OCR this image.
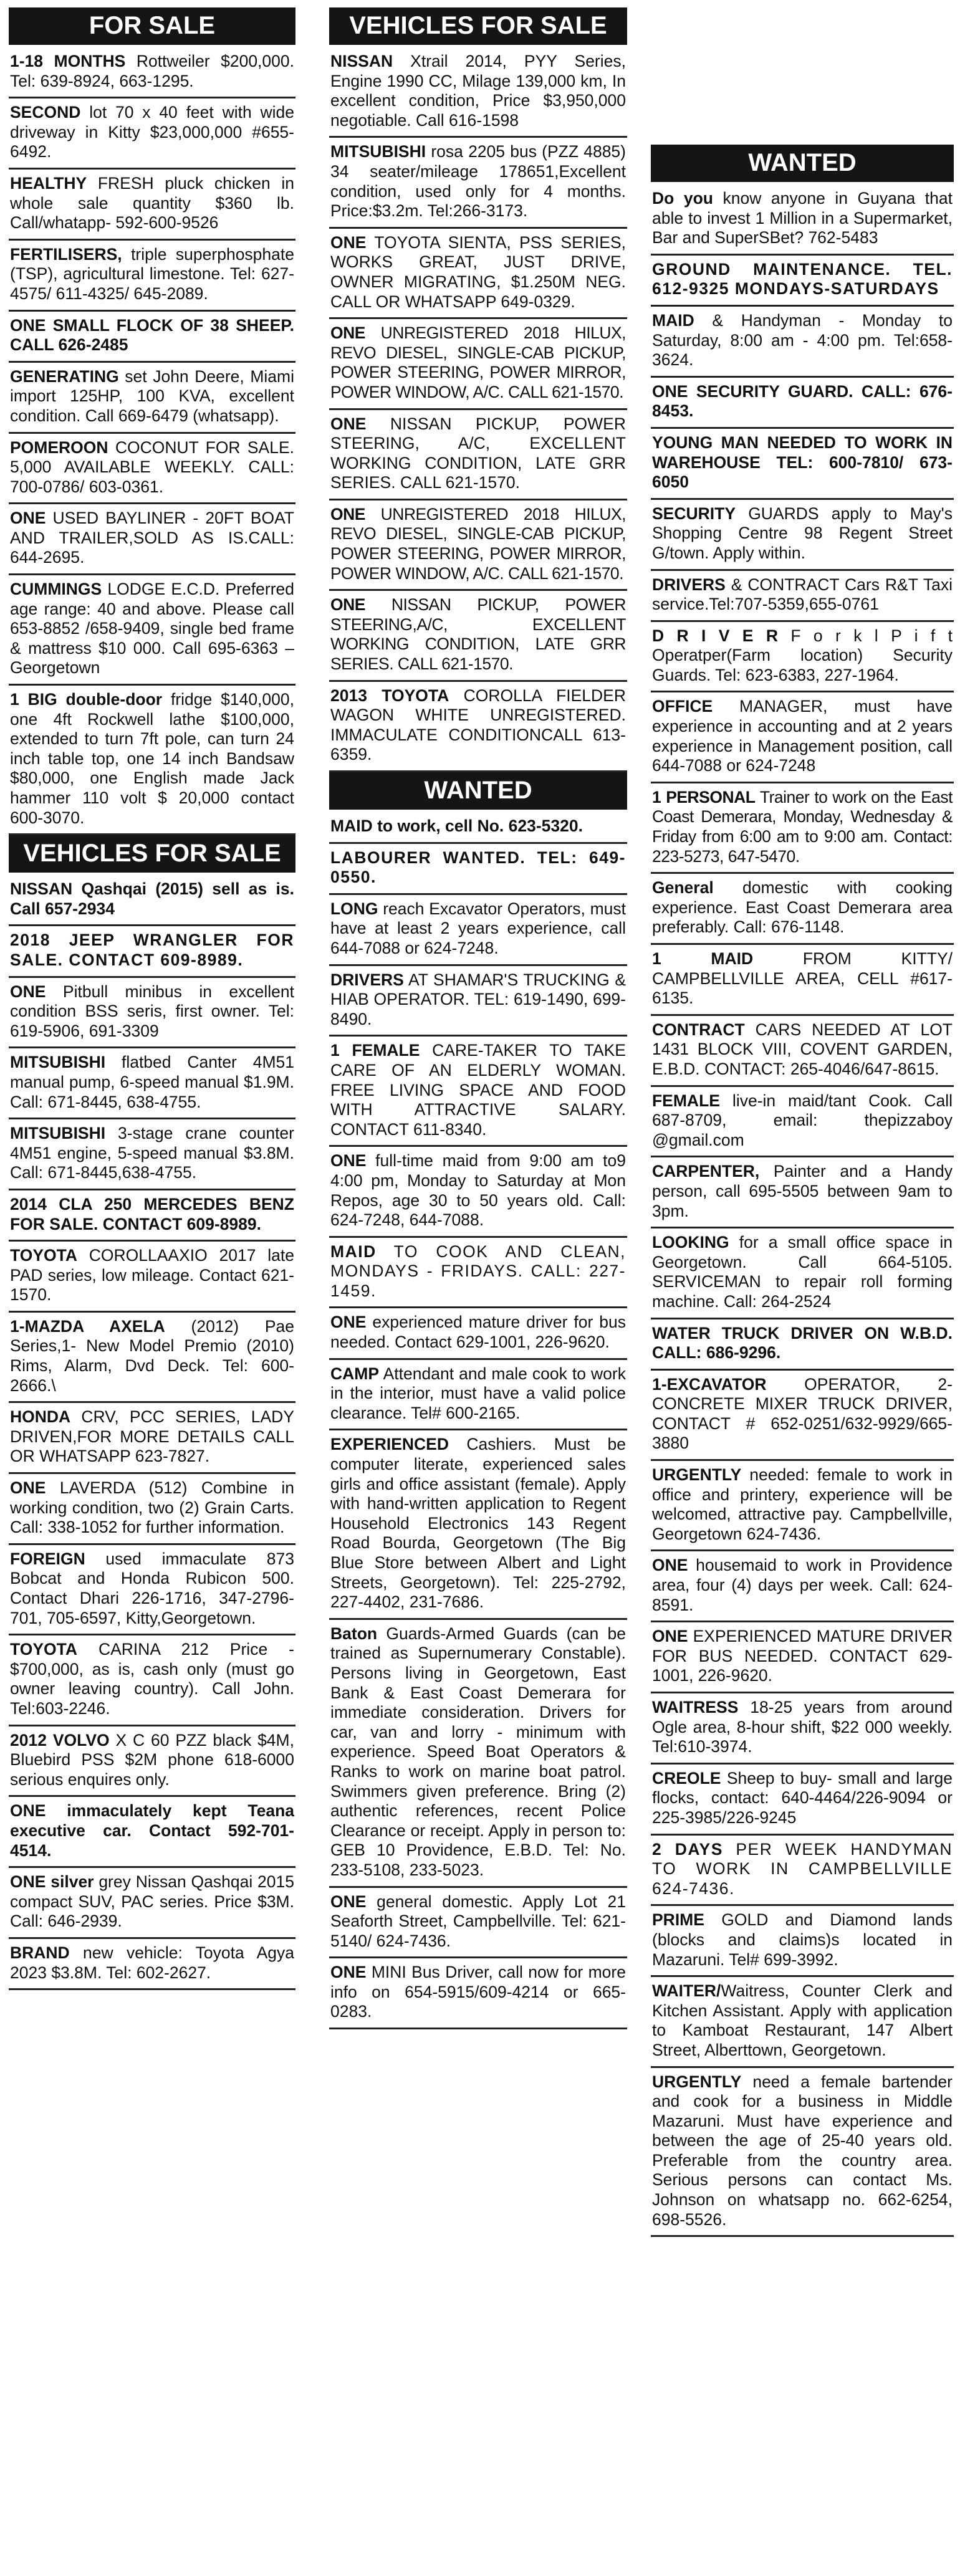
FOR SALE
1-18 MONTHS Rottweiler $200,000. Tel: 639-8924, 663-1295.
SECOND lot 70 x 40 feet with wide driveway in Kitty $23,000,000 #655-6492.
HEALTHY FRESH pluck chicken in whole sale quantity $360 lb. Call/whatapp- 592-600-9526
FERTILISERS, triple superphosphate (TSP), agricultural limestone. Tel: 627-4575/ 611-4325/ 645-2089.
ONE SMALL FLOCK OF 38 SHEEP. CALL 626-2485
GENERATING set John Deere, Miami import 125HP, 100 KVA, excellent condition. Call 669-6479 (whatsapp).
POMEROON COCONUT FOR SALE. 5,000 AVAILABLE WEEKLY. CALL: 700-0786/ 603-0361.
ONE USED BAYLINER - 20FT BOAT AND TRAILER,SOLD AS IS.CALL: 644-2695.
CUMMINGS LODGE E.C.D. Preferred age range: 40 and above. Please call 653-8852 /658-9409, single bed frame & mattress $10 000. Call 695-6363 – Georgetown
1 BIG double-door fridge $140,000, one 4ft Rockwell lathe $100,000, extended to turn 7ft pole, can turn 24 inch table top, one 14 inch Bandsaw $80,000, one English made Jack hammer 110 volt $ 20,000 contact 600-3070.
VEHICLES FOR SALE
NISSAN Qashqai (2015) sell as is. Call 657-2934
2018 JEEP WRANGLER FOR SALE. CONTACT 609-8989.
ONE Pitbull minibus in excellent condition BSS seris, first owner. Tel: 619-5906, 691-3309
MITSUBISHI flatbed Canter 4M51 manual pump, 6-speed manual $1.9M. Call: 671-8445, 638-4755.
MITSUBISHI 3-stage crane counter 4M51 engine, 5-speed manual $3.8M. Call: 671-8445,638-4755.
2014 CLA 250 MERCEDES BENZ FOR SALE. CONTACT 609-8989.
TOYOTA COROLLAAXIO 2017 late PAD series, low mileage. Contact 621-1570.
1-MAZDA AXELA (2012) Pae Series,1- New Model Premio (2010) Rims, Alarm, Dvd Deck. Tel: 600-2666.\
HONDA CRV, PCC SERIES, LADY DRIVEN,FOR MORE DETAILS CALL OR WHATSAPP 623-7827.
ONE LAVERDA (512) Combine in working condition, two (2) Grain Carts. Call: 338-1052 for further information.
FOREIGN used immaculate 873 Bobcat and Honda Rubicon 500. Contact Dhari 226-1716, 347-2796-701, 705-6597, Kitty,Georgetown.
TOYOTA CARINA 212 Price - $700,000, as is, cash only (must go owner leaving country). Call John. Tel:603-2246.
2012 VOLVO X C 60 PZZ black $4M, Bluebird PSS $2M phone 618-6000 serious enquires only.
ONE immaculately kept Teana executive car. Contact 592-701-4514.
ONE silver grey Nissan Qashqai 2015 compact SUV, PAC series. Price $3M. Call: 646-2939.
BRAND new vehicle: Toyota Agya 2023 $3.8M. Tel: 602-2627.
VEHICLES FOR SALE
NISSAN Xtrail 2014, PYY Series, Engine 1990 CC, Milage 139,000 km, In excellent condition, Price $3,950,000 negotiable. Call 616-1598
MITSUBISHI rosa 2205 bus (PZZ 4885) 34 seater/mileage 178651,Excellent condition, used only for 4 months. Price:$3.2m. Tel:266-3173.
ONE TOYOTA SIENTA, PSS SERIES, WORKS GREAT, JUST DRIVE, OWNER MIGRATING, $1.250M NEG. CALL OR WHATSAPP 649-0329.
ONE UNREGISTERED 2018 HILUX, REVO DIESEL, SINGLE-CAB PICKUP, POWER STEERING, POWER MIRROR, POWER WINDOW, A/C. CALL 621-1570.
ONE NISSAN PICKUP, POWER STEERING, A/C, EXCELLENT WORKING CONDITION, LATE GRR SERIES. CALL 621-1570.
ONE UNREGISTERED 2018 HILUX, REVO DIESEL, SINGLE-CAB PICKUP, POWER STEERING, POWER MIRROR, POWER WINDOW, A/C. CALL 621-1570.
ONE NISSAN PICKUP, POWER STEERING,A/C, EXCELLENT WORKING CONDITION, LATE GRR SERIES. CALL 621-1570.
2013 TOYOTA COROLLA FIELDER WAGON WHITE UNREGISTERED. IMMACULATE CONDITIONCALL 613-6359.
WANTED
MAID to work, cell No. 623-5320.
LABOURER WANTED. TEL: 649-0550.
LONG reach Excavator Operators, must have at least 2 years experience, call 644-7088 or 624-7248.
DRIVERS AT SHAMAR'S TRUCKING & HIAB OPERATOR. TEL: 619-1490, 699-8490.
1 FEMALE CARE-TAKER TO TAKE CARE OF AN ELDERLY WOMAN. FREE LIVING SPACE AND FOOD WITH ATTRACTIVE SALARY. CONTACT 611-8340.
ONE full-time maid from 9:00 am to9 4:00 pm, Monday to Saturday at Mon Repos, age 30 to 50 years old. Call: 624-7248, 644-7088.
MAID TO COOK AND CLEAN, MONDAYS - FRIDAYS. CALL: 227-1459.
ONE experienced mature driver for bus needed. Contact 629-1001, 226-9620.
CAMP Attendant and male cook to work in the interior, must have a valid police clearance. Tel# 600-2165.
EXPERIENCED Cashiers. Must be computer literate, experienced sales girls and office assistant (female). Apply with hand-written application to Regent Household Electronics 143 Regent Road Bourda, Georgetown (The Big Blue Store between Albert and Light Streets, Georgetown). Tel: 225-2792, 227-4402, 231-7686.
Baton Guards-Armed Guards (can be trained as Supernumerary Constable). Persons living in Georgetown, East Bank & East Coast Demerara for immediate consideration. Drivers for car, van and lorry - minimum with experience. Speed Boat Operators & Ranks to work on marine boat patrol. Swimmers given preference. Bring (2) authentic references, recent Police Clearance or receipt. Apply in person to: GEB 10 Providence, E.B.D. Tel: No. 233-5108, 233-5023.
ONE general domestic. Apply Lot 21 Seaforth Street, Campbellville. Tel: 621-5140/ 624-7436.
ONE MINI Bus Driver, call now for more info on 654-5915/609-4214 or 665-0283.
WANTED
Do you know anyone in Guyana that able to invest 1 Million in a Supermarket, Bar and SuperSBet? 762-5483
GROUND MAINTENANCE. TEL. 612-9325 MONDAYS-SATURDAYS
MAID & Handyman - Monday to Saturday, 8:00 am - 4:00 pm. Tel:658-3624.
ONE SECURITY GUARD. CALL: 676-8453.
YOUNG MAN NEEDED TO WORK IN WAREHOUSE TEL: 600-7810/ 673-6050
SECURITY GUARDS apply to May's Shopping Centre 98 Regent Street G/town. Apply within.
DRIVERS & CONTRACT Cars R&T Taxi service.Tel:707-5359,655-0761
D R I V E R F o r k l P i f t Operatper(Farm location) Security Guards. Tel: 623-6383, 227-1964.
OFFICE MANAGER, must have experience in accounting and at 2 years experience in Management position, call 644-7088 or 624-7248
1 PERSONAL Trainer to work on the East Coast Demerara, Monday, Wednesday & Friday from 6:00 am to 9:00 am. Contact: 223-5273, 647-5470.
General domestic with cooking experience. East Coast Demerara area preferably. Call: 676-1148.
1 MAID FROM KITTY/ CAMPBELLVILLE AREA, CELL #617-6135.
CONTRACT CARS NEEDED AT LOT 1431 BLOCK VIII, COVENT GARDEN, E.B.D. CONTACT: 265-4046/647-8615.
FEMALE live-in maid/tant Cook. Call 687-8709, email: thepizzaboy @gmail.com
CARPENTER, Painter and a Handy person, call 695-5505 between 9am to 3pm.
LOOKING for a small office space in Georgetown. Call 664-5105. SERVICEMAN to repair roll forming machine. Call: 264-2524
WATER TRUCK DRIVER ON W.B.D. CALL: 686-9296.
1-EXCAVATOR OPERATOR, 2- CONCRETE MIXER TRUCK DRIVER, CONTACT # 652-0251/632-9929/665-3880
URGENTLY needed: female to work in office and printery, experience will be welcomed, attractive pay. Campbellville, Georgetown 624-7436.
ONE housemaid to work in Providence area, four (4) days per week. Call: 624-8591.
ONE EXPERIENCED MATURE DRIVER FOR BUS NEEDED. CONTACT 629-1001, 226-9620.
WAITRESS 18-25 years from around Ogle area, 8-hour shift, $22 000 weekly. Tel:610-3974.
CREOLE Sheep to buy- small and large flocks, contact: 640-4464/226-9094 or 225-3985/226-9245
2 DAYS PER WEEK HANDYMAN TO WORK IN CAMPBELLVILLE 624-7436.
PRIME GOLD and Diamond lands (blocks and claims)s located in Mazaruni. Tel# 699-3992.
WAITER/Waitress, Counter Clerk and Kitchen Assistant. Apply with application to Kamboat Restaurant, 147 Albert Street, Alberttown, Georgetown.
URGENTLY need a female bartender and cook for a business in Middle Mazaruni. Must have experience and between the age of 25-40 years old. Preferable from the country area. Serious persons can contact Ms. Johnson on whatsapp no. 662-6254, 698-5526.
